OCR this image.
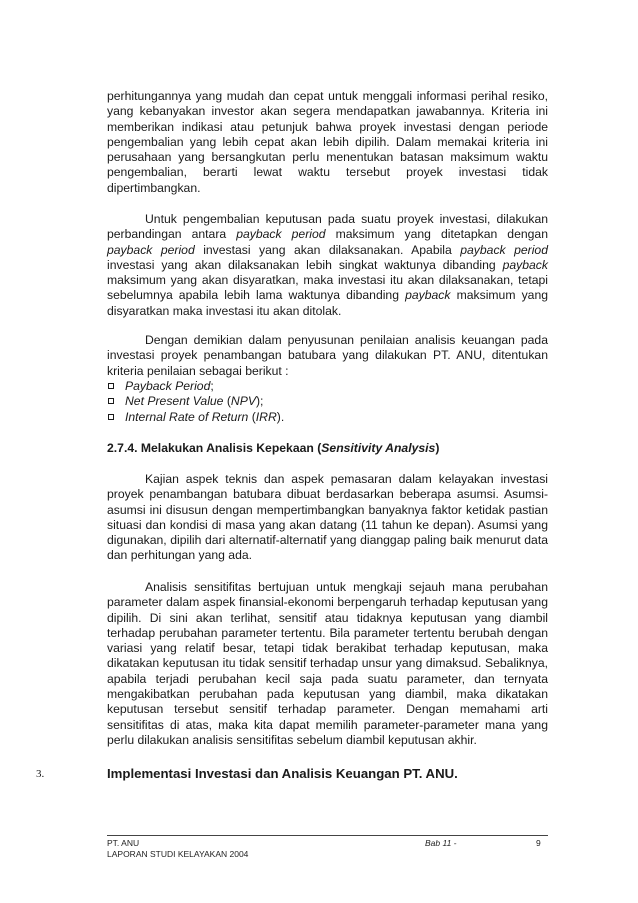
perhitungannya yang mudah dan cepat untuk menggali informasi perihal resiko, yang kebanyakan investor akan segera mendapatkan jawabannya. Kriteria ini memberikan indikasi atau petunjuk bahwa proyek investasi dengan periode pengembalian yang lebih cepat akan lebih dipilih. Dalam memakai kriteria ini perusahaan yang bersangkutan perlu menentukan batasan maksimum waktu pengembalian, berarti lewat waktu tersebut proyek investasi tidak dipertimbangkan.

Untuk pengembalian keputusan pada suatu proyek investasi, dilakukan perbandingan antara payback period maksimum yang ditetapkan dengan payback period investasi yang akan dilaksanakan. Apabila payback period investasi yang akan dilaksanakan lebih singkat waktunya dibanding payback maksimum yang akan disyaratkan, maka investasi itu akan dilaksanakan, tetapi sebelumnya apabila lebih lama waktunya dibanding payback maksimum yang disyaratkan maka investasi itu akan ditolak.

Dengan demikian dalam penyusunan penilaian analisis keuangan pada investasi proyek penambangan batubara yang dilakukan PT. ANU, ditentukan kriteria penilaian sebagai berikut :

Payback Period;
Net Present Value (NPV);
Internal Rate of Return (IRR).
2.7.4. Melakukan Analisis Kepekaan (Sensitivity Analysis)

Kajian aspek teknis dan aspek pemasaran dalam kelayakan investasi proyek penambangan batubara dibuat berdasarkan beberapa asumsi. Asumsi-asumsi ini disusun dengan mempertimbangkan banyaknya faktor ketidak pastian situasi dan kondisi di masa yang akan datang (11 tahun ke depan). Asumsi yang digunakan, dipilih dari alternatif-alternatif yang dianggap paling baik menurut data dan perhitungan yang ada.

Analisis sensitifitas bertujuan untuk mengkaji sejauh mana perubahan parameter dalam aspek finansial-ekonomi berpengaruh terhadap keputusan yang dipilih. Di sini akan terlihat, sensitif atau tidaknya keputusan yang diambil terhadap perubahan parameter tertentu. Bila parameter tertentu berubah dengan variasi yang relatif besar, tetapi tidak berakibat terhadap keputusan, maka dikatakan keputusan itu tidak sensitif terhadap unsur yang dimaksud. Sebaliknya, apabila terjadi perubahan kecil saja pada suatu parameter, dan ternyata mengakibatkan perubahan pada keputusan yang diambil, maka dikatakan keputusan tersebut sensitif terhadap parameter. Dengan memahami arti sensitifitas di atas, maka kita dapat memilih parameter-parameter mana yang perlu dilakukan analisis sensitifitas sebelum diambil keputusan akhir.

3.	Implementasi Investasi dan Analisis Keuangan PT. ANU.
PT. ANU
LAPORAN STUDI KELAYAKAN 2004
Bab 11 -	9
